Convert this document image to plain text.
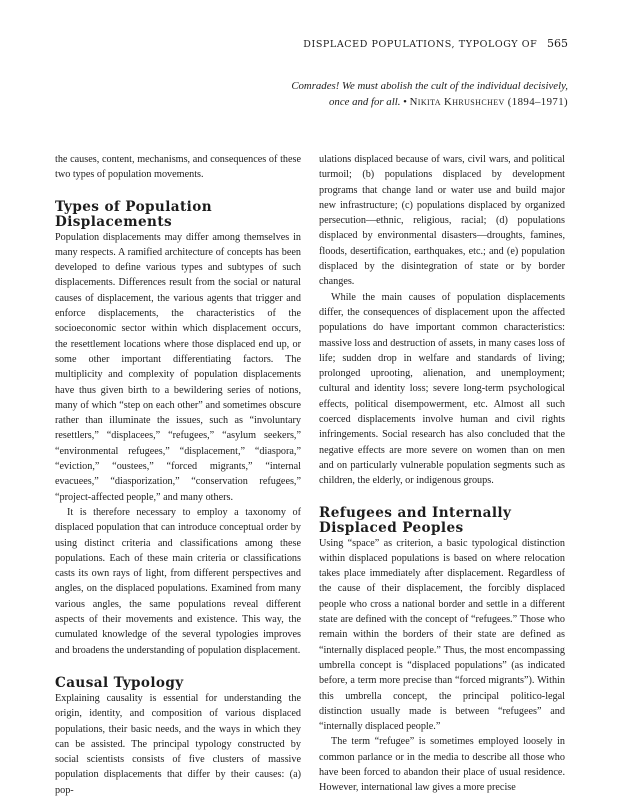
DISPLACED POPULATIONS, TYPOLOGY OF 565
Comrades! We must abolish the cult of the individual decisively,
once and for all. • Nikita Khrushchev (1894–1971)

the causes, content, mechanisms, and consequences of these two types of population movements.

Types of Population Displacements

Population displacements may differ among themselves in many respects. A ramified architecture of concepts has been developed to define various types and subtypes of such displacements. Differences result from the social or natural causes of displacement, the various agents that trigger and enforce displacements, the characteristics of the socioeconomic sector within which displacement occurs, the resettlement locations where those displaced end up, or some other important differentiating factors. The multiplicity and complexity of population displacements have thus given birth to a bewildering series of notions, many of which “step on each other” and sometimes obscure rather than illuminate the issues, such as “involuntary resettlers,” “displacees,” “refugees,” “asylum seekers,” “environmental refugees,” “displacement,” “diaspora,” “eviction,” “oustees,” “forced migrants,” “internal evacuees,” “diasporization,” “conservation refugees,” “project-affected people,” and many others.

It is therefore necessary to employ a taxonomy of displaced population that can introduce conceptual order by using distinct criteria and classifications among these populations. Each of these main criteria or classifications casts its own rays of light, from different perspectives and angles, on the displaced populations. Examined from many various angles, the same populations reveal different aspects of their movements and existence. This way, the cumulated knowledge of the several typologies improves and broadens the understanding of population displacement.

Causal Typology

Explaining causality is essential for understanding the origin, identity, and composition of various displaced populations, their basic needs, and the ways in which they can be assisted. The principal typology constructed by social scientists consists of five clusters of massive population displacements that differ by their causes: (a) pop-

ulations displaced because of wars, civil wars, and political turmoil; (b) populations displaced by development programs that change land or water use and build major new infrastructure; (c) populations displaced by organized persecution—ethnic, religious, racial; (d) populations displaced by environmental disasters—droughts, famines, floods, desertification, earthquakes, etc.; and (e) population displaced by the disintegration of state or by border changes.

While the main causes of population displacements differ, the consequences of displacement upon the affected populations do have important common characteristics: massive loss and destruction of assets, in many cases loss of life; sudden drop in welfare and standards of living; prolonged uprooting, alienation, and unemployment; cultural and identity loss; severe long-term psychological effects, political disempowerment, etc. Almost all such coerced displacements involve human and civil rights infringements. Social research has also concluded that the negative effects are more severe on women than on men and on particularly vulnerable population segments such as children, the elderly, or indigenous groups.

Refugees and Internally Displaced Peoples

Using “space” as criterion, a basic typological distinction within displaced populations is based on where relocation takes place immediately after displacement. Regardless of the cause of their displacement, the forcibly displaced people who cross a national border and settle in a different state are defined with the concept of “refugees.” Those who remain within the borders of their state are defined as “internally displaced people.” Thus, the most encompassing umbrella concept is “displaced populations” (as indicated before, a term more precise than “forced migrants”). Within this umbrella concept, the principal politico-legal distinction usually made is between “refugees” and “internally displaced people.”

The term “refugee” is sometimes employed loosely in common parlance or in the media to describe all those who have been forced to abandon their place of usual residence. However, international law gives a more precise
